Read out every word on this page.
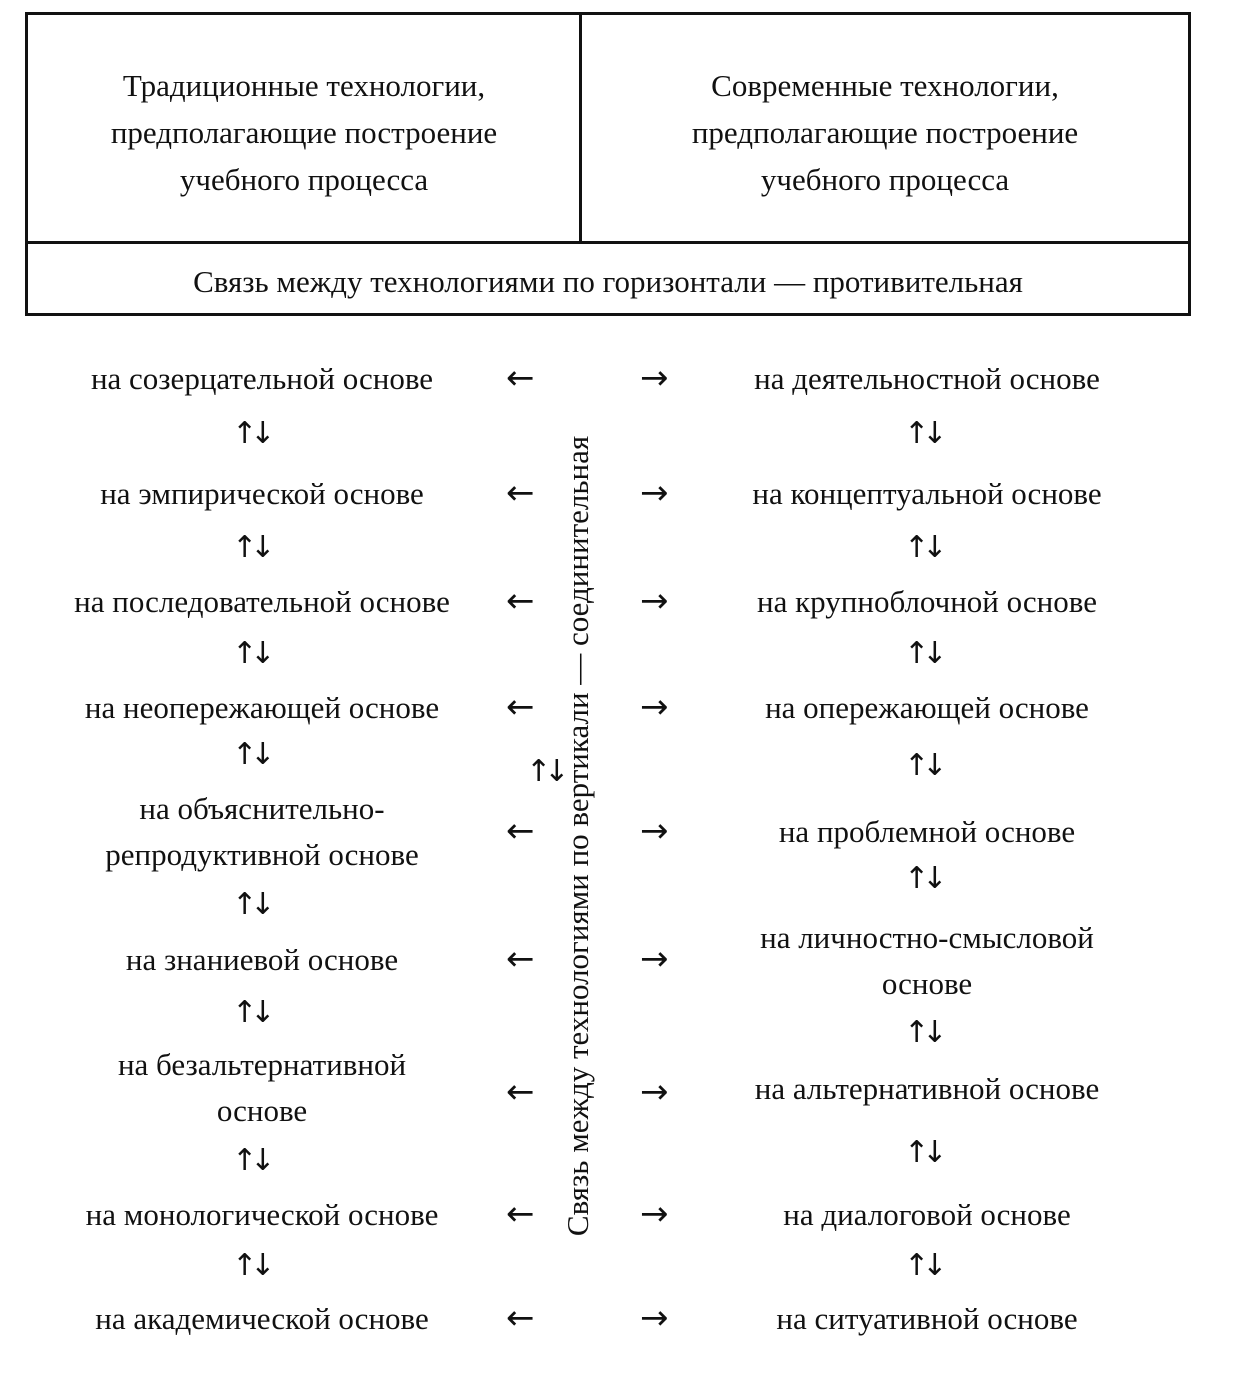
Традиционные технологии,
предполагающие построение
учебного процесса
Современные технологии,
предполагающие построение
учебного процесса
Связь между технологиями по горизонтали — противительная
на созерцательной основе
на эмпирической основе
на последовательной основе
на неопережающей основе
на объяснительно-
репродуктивной основе
на знаниевой основе
на безальтернативной
основе
на монологической основе
на академической основе
на деятельностной основе
на концептуальной основе
на крупноблочной основе
на опережающей основе
на проблемной основе
на личностно-смысловой
основе
на альтернативной основе
на диалоговой основе
на ситуативной основе
←
←
←
←
←
←
←
←
←
→
→
→
→
→
→
→
→
→
↑↓
↑↓
↑↓
↑↓
↑↓
↑↓
↑↓
↑↓
↑↓
↑↓
↑↓
↑↓
↑↓
↑↓
↑↓
↑↓
↑↓
Связь между технологиями по вертикали — соединительная
